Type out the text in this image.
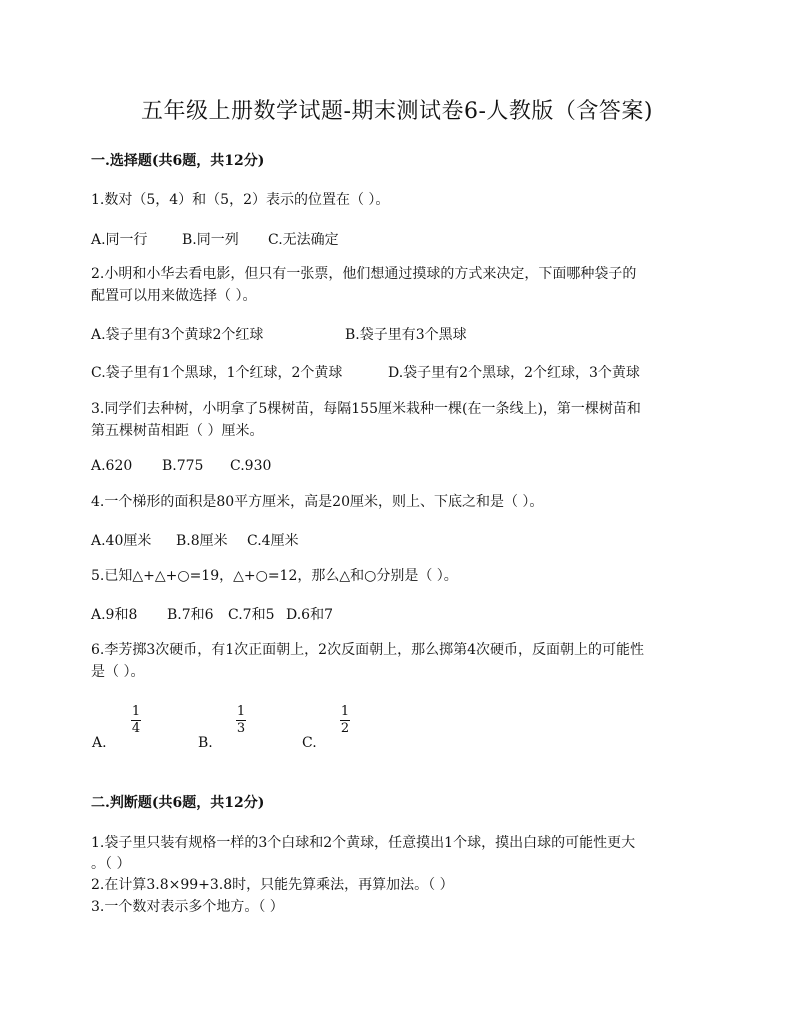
五年级上册数学试题-期末测试卷6-人教版（含答案)
一.选择题(共6题，共12分)
1.数对（5，4）和（5，2）表示的位置在（ ）。
A.同一行 B.同一列 C.无法确定
2.小明和小华去看电影，但只有一张票，他们想通过摸球的方式来决定，下面哪种袋子的
配置可以用来做选择（ ）。
A.袋子里有3个黄球2个红球	B.袋子里有3个黑球
C.袋子里有1个黑球，1个红球，2个黄球	D.袋子里有2个黑球，2个红球，3个黄球
3.同学们去种树，小明拿了5棵树苗，每隔155厘米栽种一棵(在一条线上)，第一棵树苗和
第五棵树苗相距（ ）厘米。
A.620 B.775 C.930
4.一个梯形的面积是80平方厘米，高是20厘米，则上、下底之和是（ ）。
A.40厘米 B.8厘米 C.4厘米
5.已知△+△+○=19，△+○=12，那么△和○分别是（ ）。
A.9和8 B.7和6 C.7和5 D.6和7
6.李芳掷3次硬币，有1次正面朝上，2次反面朝上，那么掷第4次硬币，反面朝上的可能性
是（ ）。
A.
1
4
B.
1
3
C.
1
2
二.判断题(共6题，共12分)
1.袋子里只装有规格一样的3个白球和2个黄球，任意摸出1个球，摸出白球的可能性更大
。（ ）
2.在计算3.8×99+3.8时，只能先算乘法，再算加法。（ ）
3.一个数对表示多个地方。（ ）
